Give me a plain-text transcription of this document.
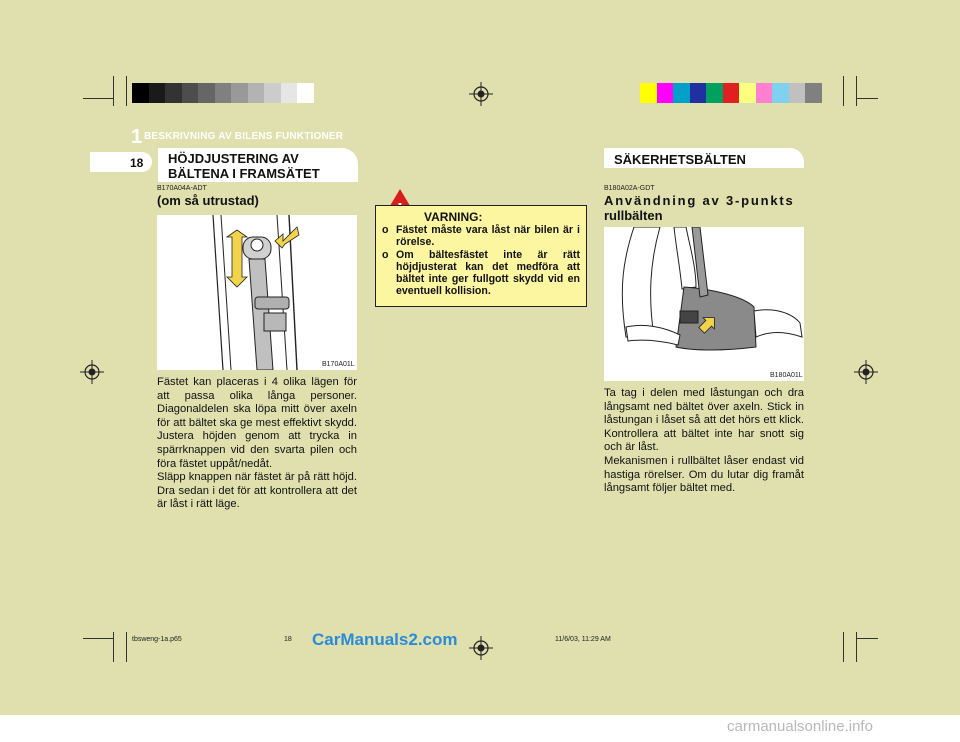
1 BESKRIVNING AV BILENS FUNKTIONER
18 HÖJDJUSTERING AV
BÄLTENA I FRAMSÄTET
B170A04A-ADT
(om så utrustad)
B170A01L

Fästet kan placeras i 4 olika lägen för att passa olika långa personer. Diagonaldelen ska löpa mitt över axeln för att bältet ska ge mest effektivt skydd. Justera höjden genom att trycka in spärrknappen vid den svarta pilen och föra fästet uppåt/nedåt.

Släpp knappen när fästet är på rätt höjd. Dra sedan i det för att kontrollera att det är låst i rätt läge.

VARNING:
o Fästet måste vara låst när bilen är i rörelse.
o Om bältesfästet inte är rätt höjdjusterat kan det medföra att bältet inte ger fullgott skydd vid en eventuell kollision.
SÄKERHETSBÄLTEN
B180A02A-GDT
Användning av 3-punkts
rullbälten
B180A01L

Ta tag i delen med låstungan och dra långsamt ned bältet över axeln. Stick in låstungan i låset så att det hörs ett klick. Kontrollera att bältet inte har snott sig och är låst.

Mekanismen i rullbältet låser endast vid hastiga rörelser. Om du lutar dig framåt långsamt följer bältet med.

tbsweng-1a.p65	18	11/6/03, 11:29 AM
CarManuals2.com
carmanualsonline.info
